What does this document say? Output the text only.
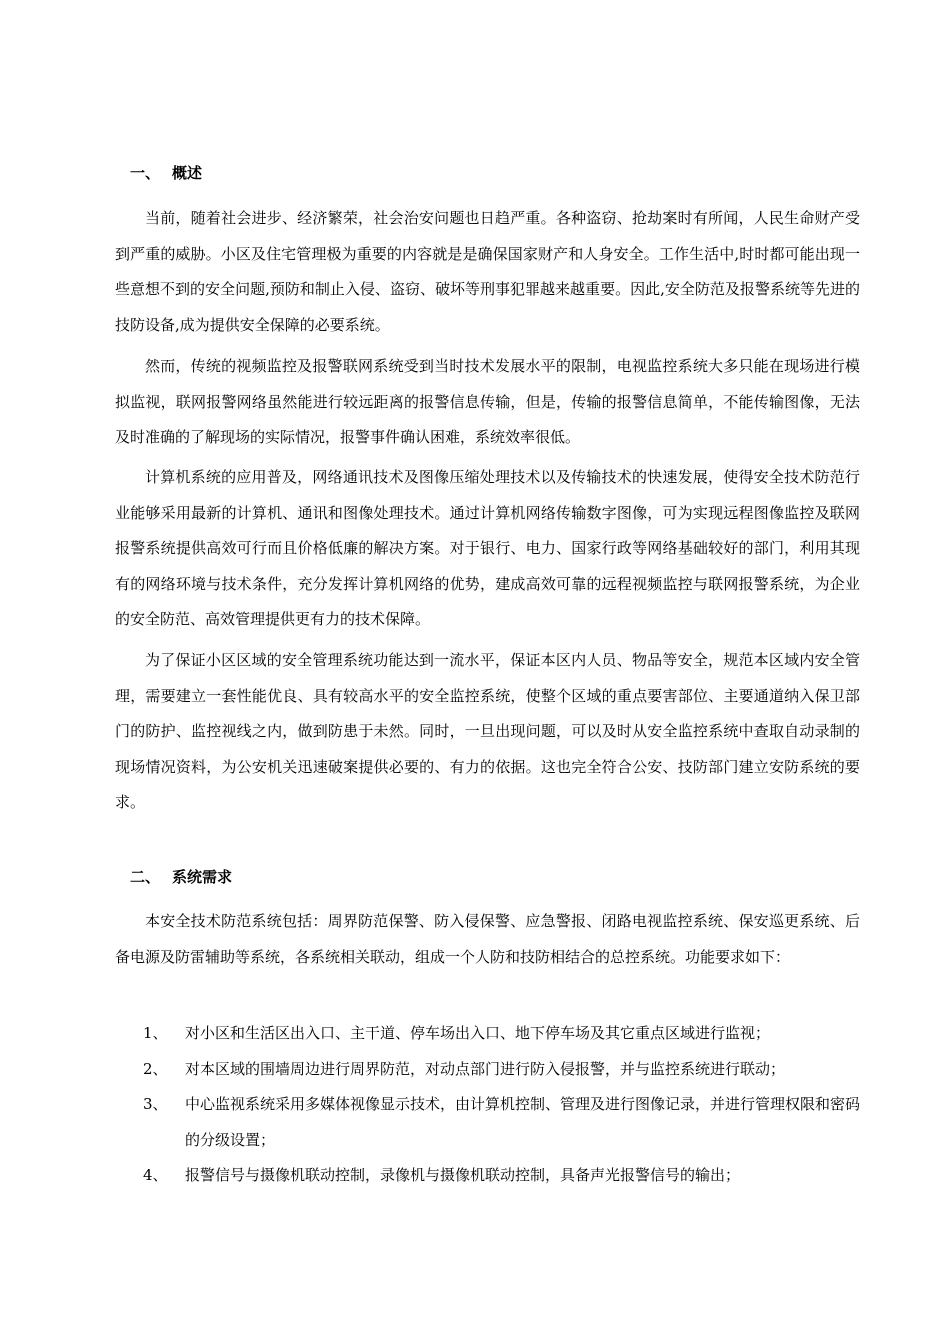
一、 概述
当前，随着社会进步、经济繁荣，社会治安问题也日趋严重。各种盗窃、抢劫案时有所闻，人民生命财产受到严重的威胁。小区及住宅管理极为重要的内容就是是确保国家财产和人身安全。工作生活中,时时都可能出现一些意想不到的安全问题,预防和制止入侵、盗窃、破坏等刑事犯罪越来越重要。因此,安全防范及报警系统等先进的技防设备,成为提供安全保障的必要系统。
然而，传统的视频监控及报警联网系统受到当时技术发展水平的限制，电视监控系统大多只能在现场进行模拟监视，联网报警网络虽然能进行较远距离的报警信息传输，但是，传输的报警信息简单，不能传输图像，无法及时准确的了解现场的实际情况，报警事件确认困难，系统效率很低。
计算机系统的应用普及，网络通讯技术及图像压缩处理技术以及传输技术的快速发展，使得安全技术防范行业能够采用最新的计算机、通讯和图像处理技术。通过计算机网络传输数字图像，可为实现远程图像监控及联网报警系统提供高效可行而且价格低廉的解决方案。对于银行、电力、国家行政等网络基础较好的部门，利用其现有的网络环境与技术条件，充分发挥计算机网络的优势，建成高效可靠的远程视频监控与联网报警系统，为企业的安全防范、高效管理提供更有力的技术保障。
为了保证小区区域的安全管理系统功能达到一流水平，保证本区内人员、物品等安全，规范本区域内安全管理，需要建立一套性能优良、具有较高水平的安全监控系统，使整个区域的重点要害部位、主要通道纳入保卫部门的防护、监控视线之内，做到防患于未然。同时，一旦出现问题，可以及时从安全监控系统中查取自动录制的现场情况资料，为公安机关迅速破案提供必要的、有力的依据。这也完全符合公安、技防部门建立安防系统的要求。
二、 系统需求
本安全技术防范系统包括：周界防范保警、防入侵保警、应急警报、闭路电视监控系统、保安巡更系统、后备电源及防雷辅助等系统，各系统相关联动，组成一个人防和技防相结合的总控系统。功能要求如下：
1、 对小区和生活区出入口、主干道、停车场出入口、地下停车场及其它重点区域进行监视；
2、 对本区域的围墙周边进行周界防范，对动点部门进行防入侵报警，并与监控系统进行联动；
3、 中心监视系统采用多媒体视像显示技术，由计算机控制、管理及进行图像记录，并进行管理权限和密码的分级设置；
4、 报警信号与摄像机联动控制，录像机与摄像机联动控制，具备声光报警信号的输出；
